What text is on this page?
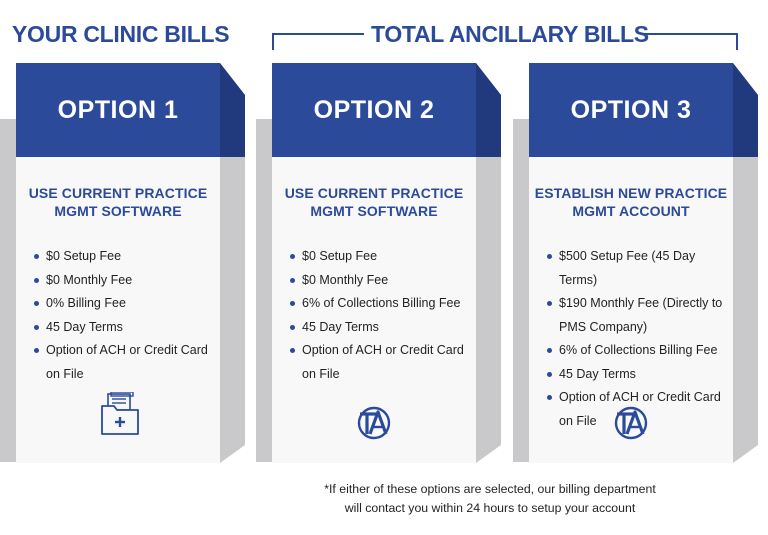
YOUR CLINIC BILLS	TOTAL ANCILLARY BILLS
OPTION 1
USE CURRENT PRACTICE
MGMT SOFTWARE
$0 Setup Fee
$0 Monthly Fee
0% Billing Fee
45 Day Terms
Option of ACH or Credit Card on File
OPTION 2
USE CURRENT PRACTICE
MGMT SOFTWARE
$0 Setup Fee
$0 Monthly Fee
6% of Collections Billing Fee
45 Day Terms
Option of ACH or Credit Card on File
OPTION 3
ESTABLISH NEW PRACTICE
MGMT ACCOUNT
$500 Setup Fee (45 Day Terms)
$190 Monthly Fee (Directly to PMS Company)
6% of Collections Billing Fee
45 Day Terms
Option of ACH or Credit Card on File
*If either of these options are selected, our billing department
will contact you within 24 hours to setup your account
